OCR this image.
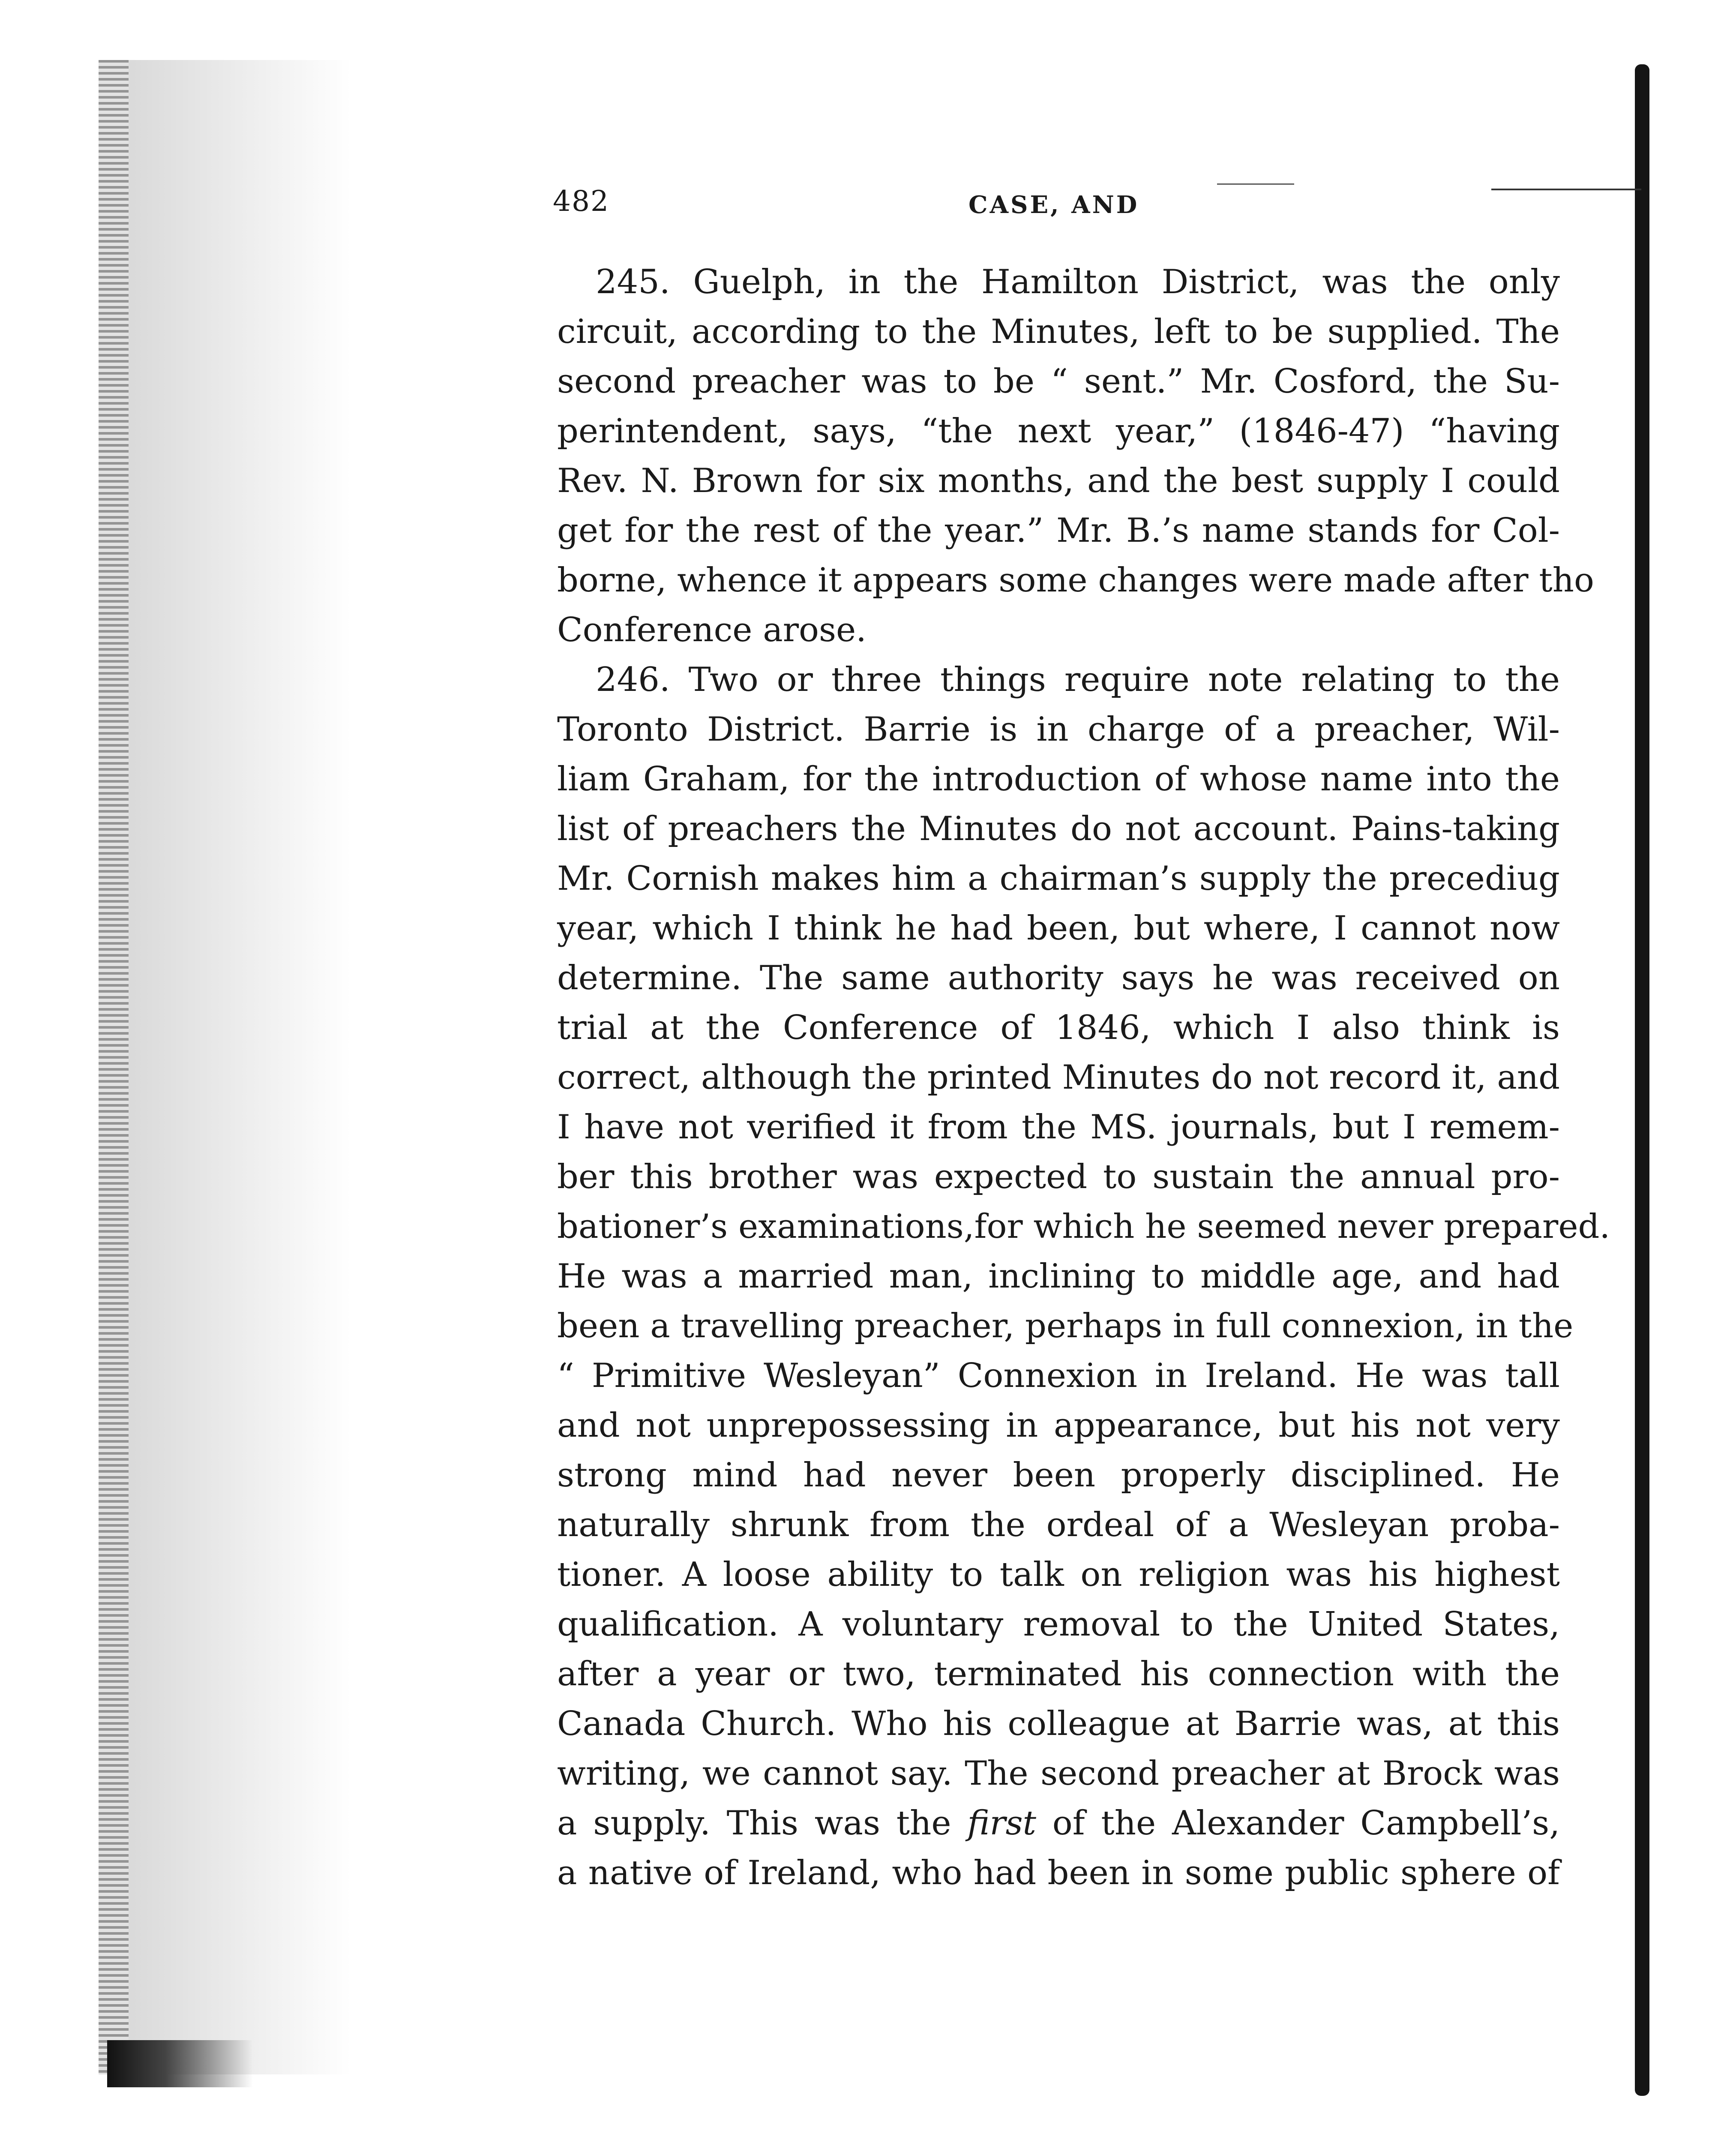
482	CASE, AND
245. Guelph, in the Hamilton District, was the only
circuit, according to the Minutes, left to be supplied. The
second preacher was to be “ sent.” Mr. Cosford, the Su-
perintendent, says, “the next year,” (1846-47) “having
Rev. N. Brown for six months, and the best supply I could
get for the rest of the year.” Mr. B.’s name stands for Col-
borne, whence it appears some changes were made after tho
Conference arose.
246. Two or three things require note relating to the
Toronto District. Barrie is in charge of a preacher, Wil-
liam Graham, for the introduction of whose name into the
list of preachers the Minutes do not account. Pains-taking
Mr. Cornish makes him a chairman’s supply the precediug
year, which I think he had been, but where, I cannot now
determine. The same authority says he was received on
trial at the Conference of 1846, which I also think is
correct, although the printed Minutes do not record it, and
I have not verified it from the MS. journals, but I remem-
ber this brother was expected to sustain the annual pro-
bationer’s examinations,for which he seemed never prepared.
He was a married man, inclining to middle age, and had
been a travelling preacher, perhaps in full connexion, in the
“ Primitive Wesleyan” Connexion in Ireland. He was tall
and not unprepossessing in appearance, but his not very
strong mind had never been properly disciplined. He
naturally shrunk from the ordeal of a Wesleyan proba-
tioner. A loose ability to talk on religion was his highest
qualification. A voluntary removal to the United States,
after a year or two, terminated his connection with the
Canada Church. Who his colleague at Barrie was, at this
writing, we cannot say. The second preacher at Brock was
a supply. This was the first of the Alexander Campbell’s,
a native of Ireland, who had been in some public sphere of
